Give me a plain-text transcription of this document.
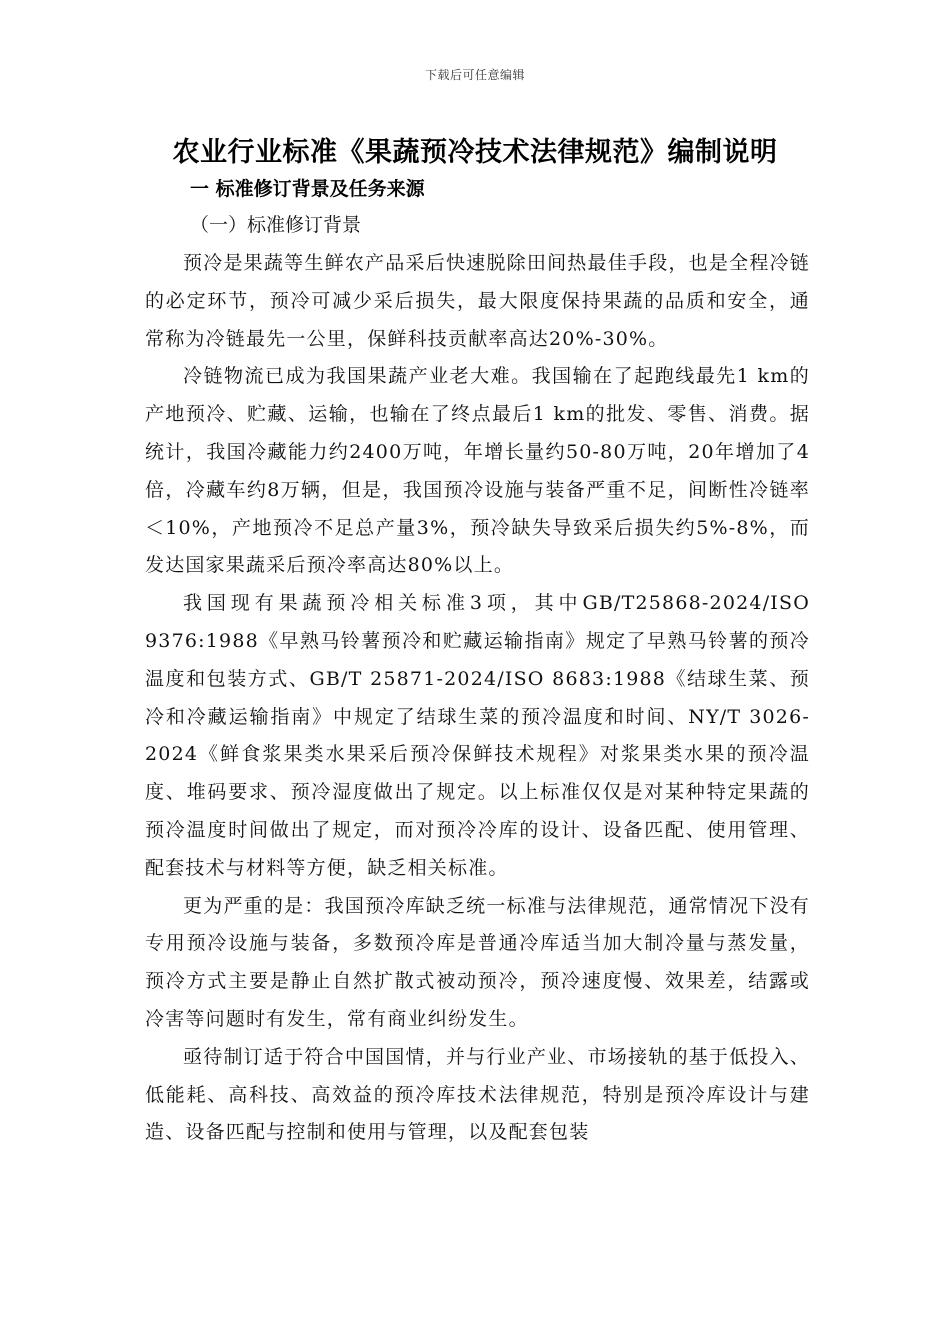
下载后可任意编辑
农业行业标准《果蔬预冷技术法律规范》编制说明
一 标准修订背景及任务来源
（一）标准修订背景

预冷是果蔬等生鲜农产品采后快速脱除田间热最佳手段，也是全程冷链的必定环节，预冷可减少采后损失，最大限度保持果蔬的品质和安全，通常称为冷链最先一公里，保鲜科技贡献率高达20%-30%。

冷链物流已成为我国果蔬产业老大难。我国输在了起跑线最先1 km的产地预冷、贮藏、运输，也输在了终点最后1 km的批发、零售、消费。据统计，我国冷藏能力约2400万吨，年增长量约50-80万吨，20年增加了4倍，冷藏车约8万辆，但是，我国预冷设施与装备严重不足，间断性冷链率＜10%，产地预冷不足总产量3%，预冷缺失导致采后损失约5%-8%，而发达国家果蔬采后预冷率高达80%以上。

我国现有果蔬预冷相关标准3项，其中GB/T25868-2024/ISO 9376:1988《早熟马铃薯预冷和贮藏运输指南》规定了早熟马铃薯的预冷温度和包装方式、GB/T 25871-2024/ISO 8683:1988《结球生菜、预冷和冷藏运输指南》中规定了结球生菜的预冷温度和时间、NY/T 3026-2024《鲜食浆果类水果采后预冷保鲜技术规程》对浆果类水果的预冷温度、堆码要求、预冷湿度做出了规定。以上标准仅仅是对某种特定果蔬的预冷温度时间做出了规定，而对预冷冷库的设计、设备匹配、使用管理、配套技术与材料等方便，缺乏相关标准。

更为严重的是：我国预冷库缺乏统一标准与法律规范，通常情况下没有专用预冷设施与装备，多数预冷库是普通冷库适当加大制冷量与蒸发量，预冷方式主要是静止自然扩散式被动预冷，预冷速度慢、效果差，结露或冷害等问题时有发生，常有商业纠纷发生。

亟待制订适于符合中国国情，并与行业产业、市场接轨的基于低投入、低能耗、高科技、高效益的预冷库技术法律规范，特别是预冷库设计与建造、设备匹配与控制和使用与管理，以及配套包装
